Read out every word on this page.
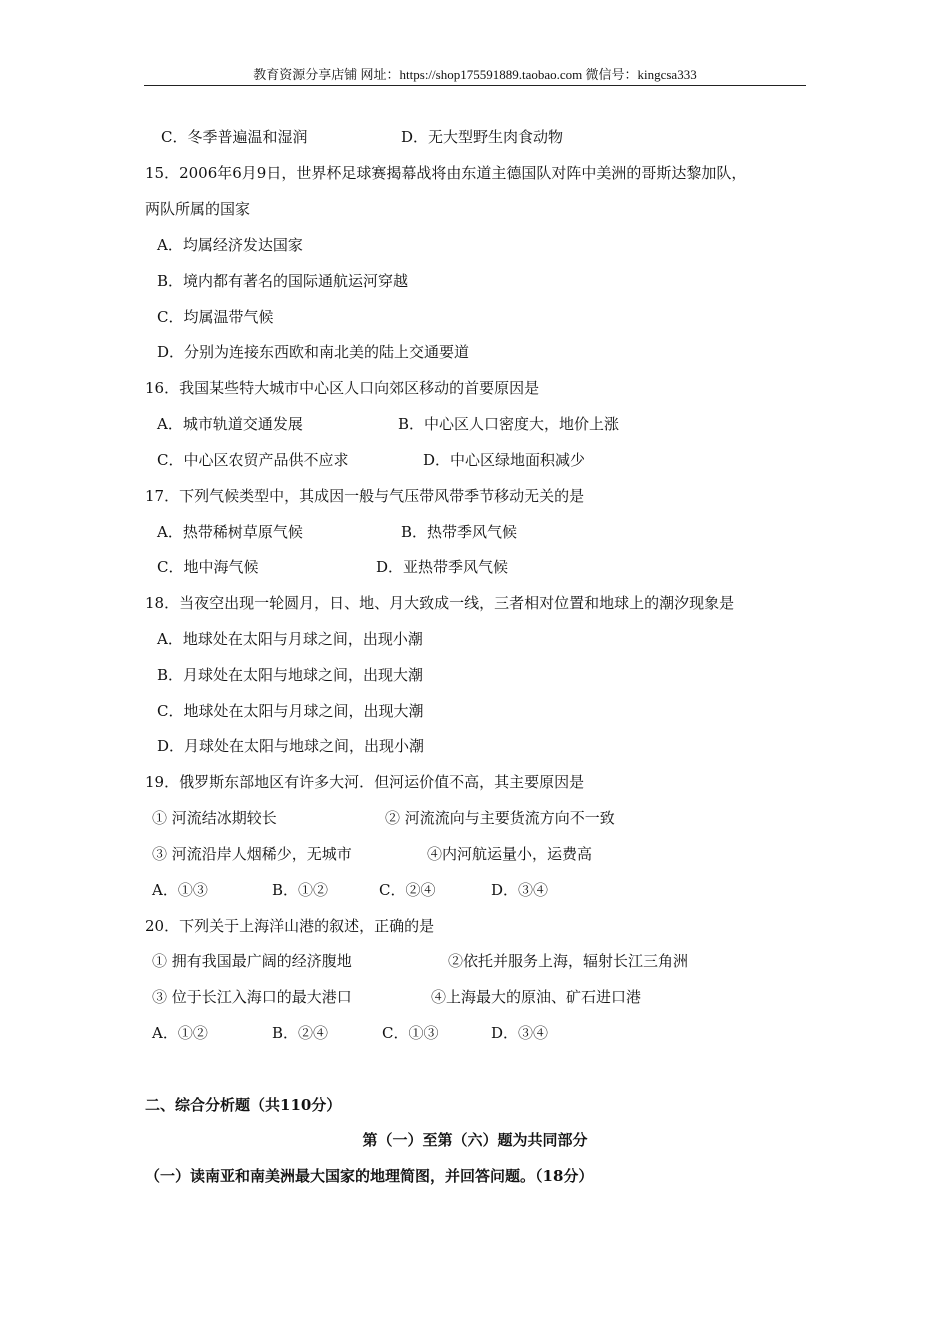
教育资源分享店铺 网址：https://shop175591889.taobao.com 微信号：kingcsa333
C．冬季普遍温和湿润	D．无大型野生肉食动物
15．2006年6月9日，世界杯足球赛揭幕战将由东道主德国队对阵中美洲的哥斯达黎加队，
两队所属的国家
A．均属经济发达国家
B．境内都有著名的国际通航运河穿越
C．均属温带气候
D．分别为连接东西欧和南北美的陆上交通要道
16．我国某些特大城市中心区人口向郊区移动的首要原因是
A．城市轨道交通发展	B．中心区人口密度大，地价上涨
C．中心区农贸产品供不应求	D．中心区绿地面积减少
17．下列气候类型中，其成因一般与气压带风带季节移动无关的是
A．热带稀树草原气候	B．热带季风气候
C．地中海气候	D．亚热带季风气候
18．当夜空出现一轮圆月，日、地、月大致成一线，三者相对位置和地球上的潮汐现象是
A．地球处在太阳与月球之间，出现小潮
B．月球处在太阳与地球之间，出现大潮
C．地球处在太阳与月球之间，出现大潮
D．月球处在太阳与地球之间，出现小潮
19．俄罗斯东部地区有许多大河．但河运价值不高，其主要原因是
① 河流结冰期较长	② 河流流向与主要货流方向不一致
③ 河流沿岸人烟稀少，无城市	④内河航运量小，运费高
A．①③	B．①②	C．②④	D．③④
20．下列关于上海洋山港的叙述，正确的是
① 拥有我国最广阔的经济腹地	②依托并服务上海，辐射长江三角洲
③ 位于长江入海口的最大港口	④上海最大的原油、矿石进口港
A．①②	B．②④	C．①③	D．③④
二、综合分析题（共110分）
第（一）至第（六）题为共同部分
（一）读南亚和南美洲最大国家的地理简图，并回答问题。（18分）
